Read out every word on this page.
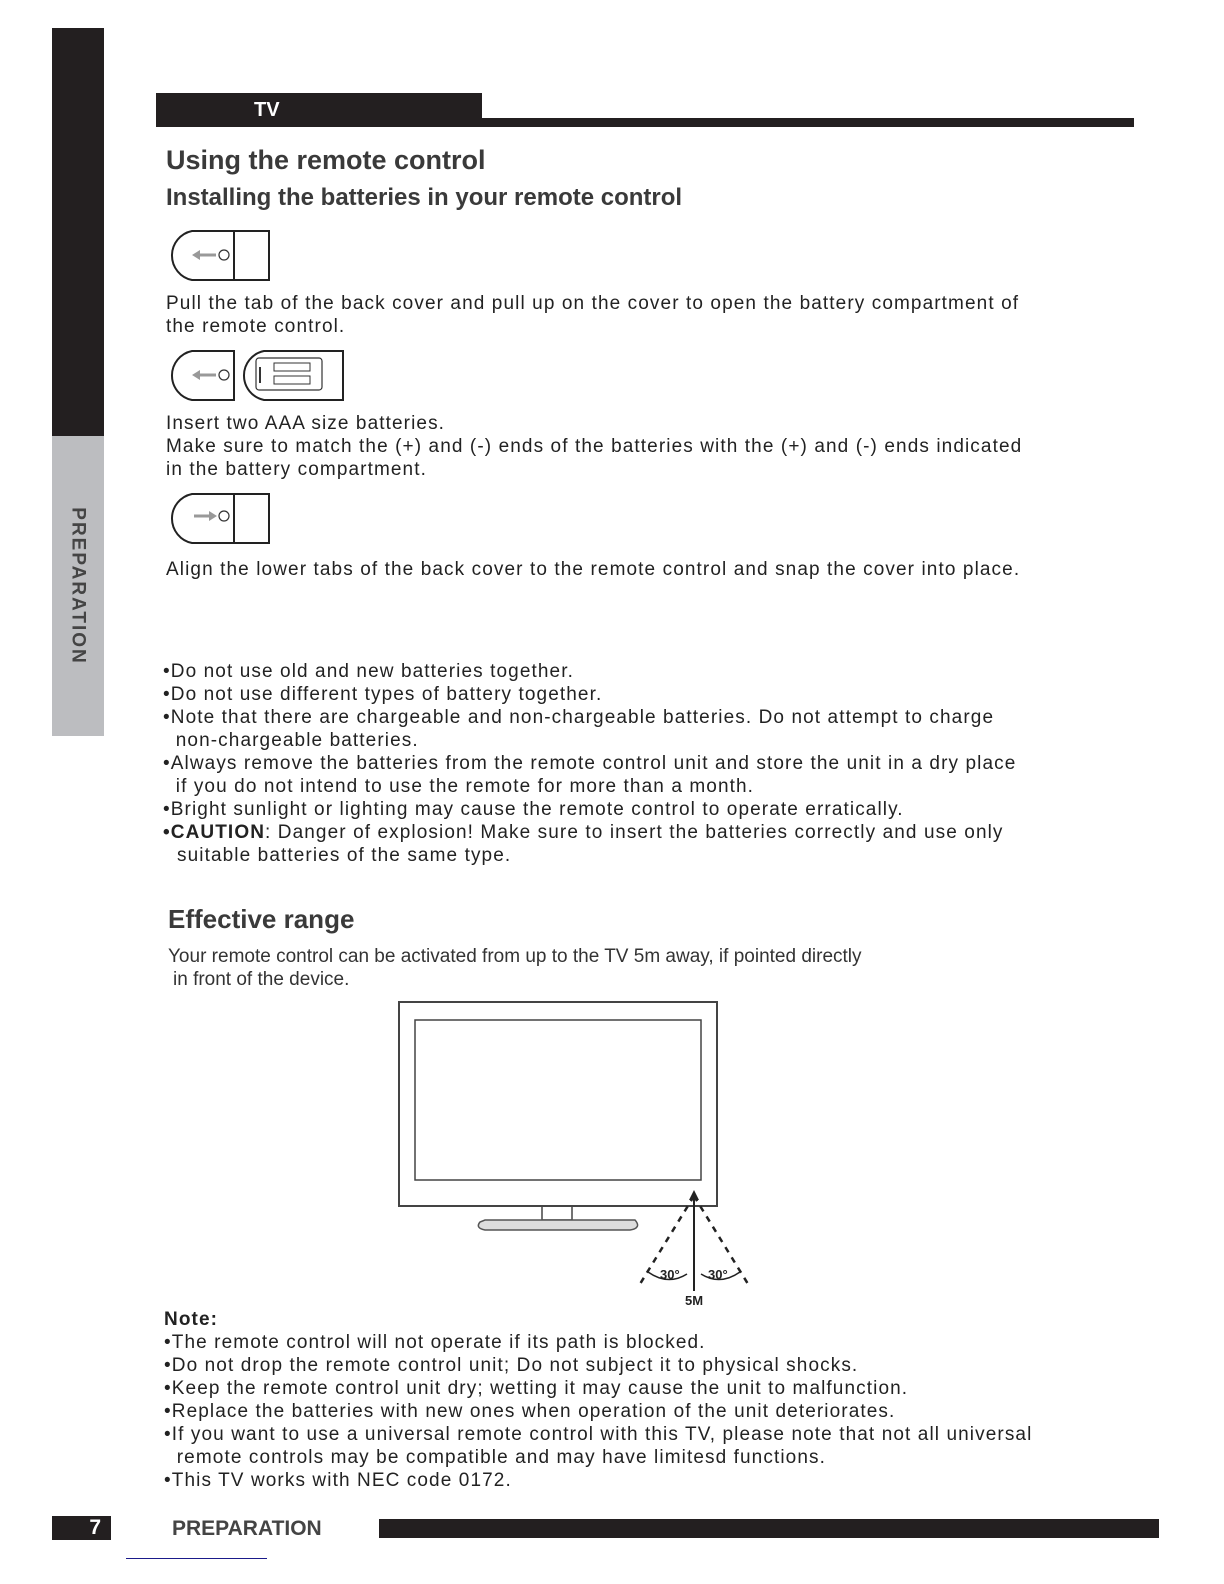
PREPARATION
TV
Using the remote control
Installing the batteries in your remote control
Pull the tab of the back cover and pull up on the cover to open the battery compartment of
the remote control.
Insert two AAA size batteries.
Make sure to match the (+) and (-) ends of the batteries with the (+) and (-) ends indicated
in the battery compartment.
Align the lower tabs of the back cover to the remote control and snap the cover into place.
•Do not use old and new batteries together.
•Do not use different types of battery together.
•Note that there are chargeable and non-chargeable batteries. Do not attempt to charge
non-chargeable batteries.
•Always remove the batteries from the remote control unit and store the unit in a dry place
if you do not intend to use the remote for more than a month.
•Bright sunlight or lighting may cause the remote control to operate erratically.
•CAUTION: Danger of explosion! Make sure to insert the batteries correctly and use only
suitable batteries of the same type.
Effective range
Your remote control can be activated from up to the TV 5m away, if pointed directly
in front of the device.
30° 30°
5M
Note:
•The remote control will not operate if its path is blocked.
•Do not drop the remote control unit; Do not subject it to physical shocks.
•Keep the remote control unit dry; wetting it may cause the unit to malfunction.
•Replace the batteries with new ones when operation of the unit deteriorates.
•If you want to use a universal remote control with this TV, please note that not all universal
remote controls may be compatible and may have limitesd functions.
•This TV works with NEC code 0172.
7	PREPARATION
